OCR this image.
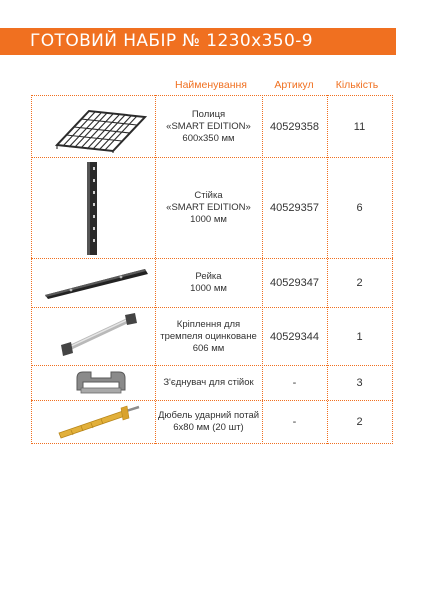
ГОТОВИЙ НАБІР № 1230x350-9
Найменування	Артикул	Кількість
Полиця
«SMART EDITION»
600x350 мм
40529358	11
Стійка
«SMART EDITION»
1000 мм
40529357	6
Рейка
1000 мм	40529347	2
Кріплення для
тремпеля оцинковане
606 мм
40529344	1
З'єднувач для стійок	-	3
Дюбель ударний потай
6x80 мм (20 шт)	-	2
